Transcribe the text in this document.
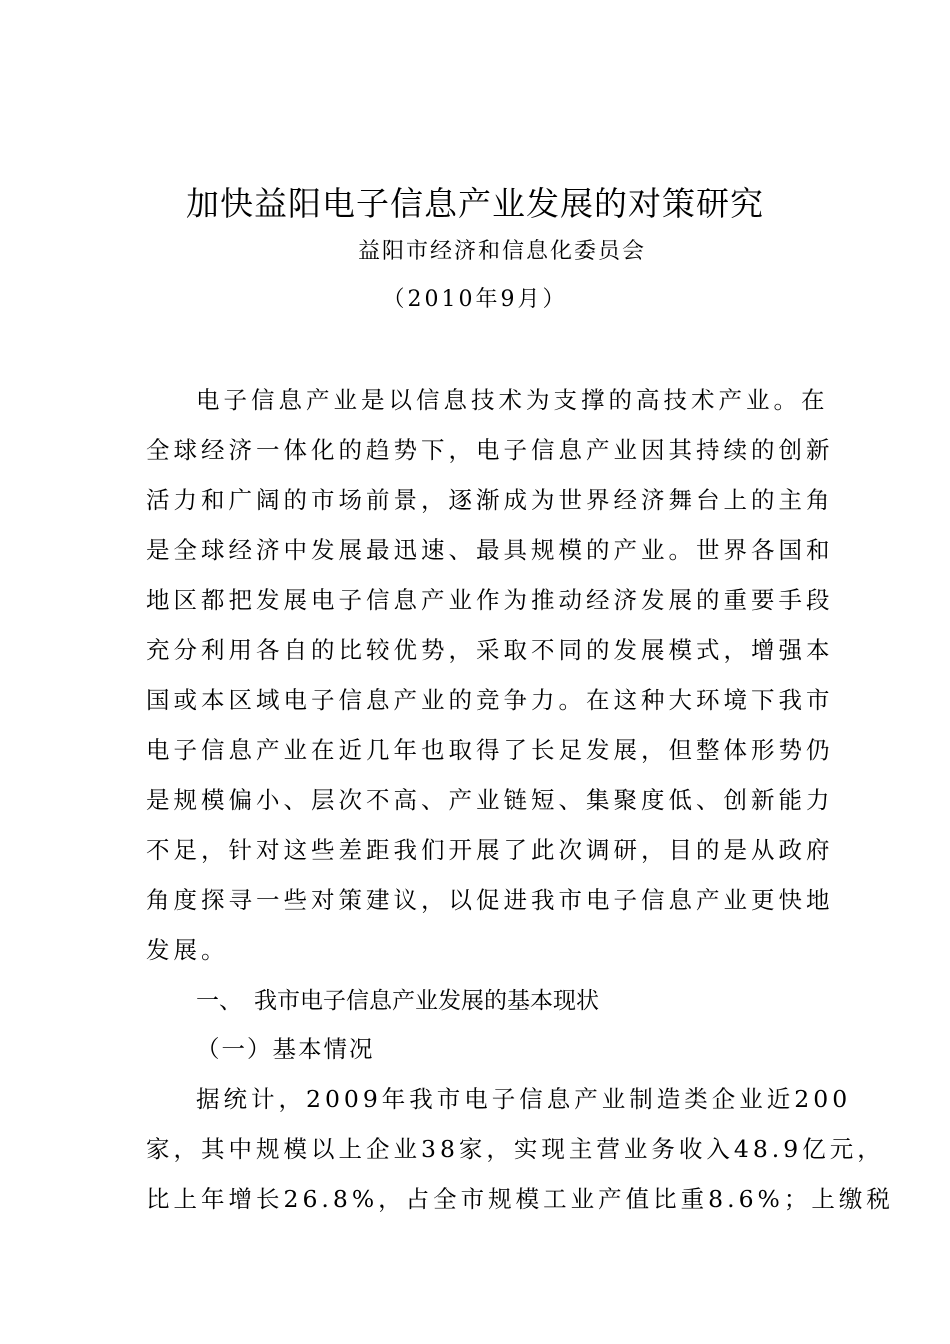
加快益阳电子信息产业发展的对策研究
益阳市经济和信息化委员会
（2010年9月）
电子信息产业是以信息技术为支撑的高技术产业。在
全球经济一体化的趋势下，电子信息产业因其持续的创新
活力和广阔的市场前景，逐渐成为世界经济舞台上的主角
是全球经济中发展最迅速、最具规模的产业。世界各国和
地区都把发展电子信息产业作为推动经济发展的重要手段
充分利用各自的比较优势，采取不同的发展模式，增强本
国或本区域电子信息产业的竞争力。在这种大环境下我市
电子信息产业在近几年也取得了长足发展，但整体形势仍
是规模偏小、层次不高、产业链短、集聚度低、创新能力
不足，针对这些差距我们开展了此次调研，目的是从政府
角度探寻一些对策建议，以促进我市电子信息产业更快地
发展。
一、 我市电子信息产业发展的基本现状
（一）基本情况
据统计，2009年我市电子信息产业制造类企业近200
家，其中规模以上企业38家，实现主营业务收入48.9亿元，
比上年增长26.8%，占全市规模工业产值比重8.6%；上缴税
